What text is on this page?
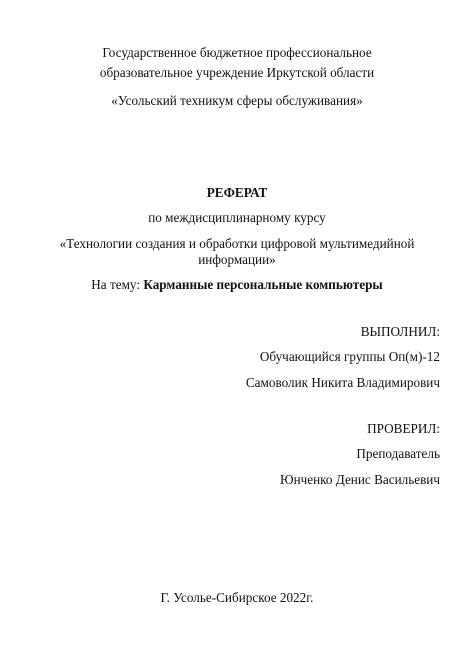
Государственное бюджетное профессиональное
образовательное учреждение Иркутской области
«Усольский техникум сферы обслуживания»
РЕФЕРАТ
по междисциплинарному курсу
«Технологии создания и обработки цифровой мультимедийной
информации»
На тему: Карманные персональные компьютеры
ВЫПОЛНИЛ:
Обучающийся группы Оп(м)-12
Самоволик Никита Владимирович
ПРОВЕРИЛ:
Преподаватель
Юнченко Денис Васильевич
Г. Усолье-Сибирское 2022г.
